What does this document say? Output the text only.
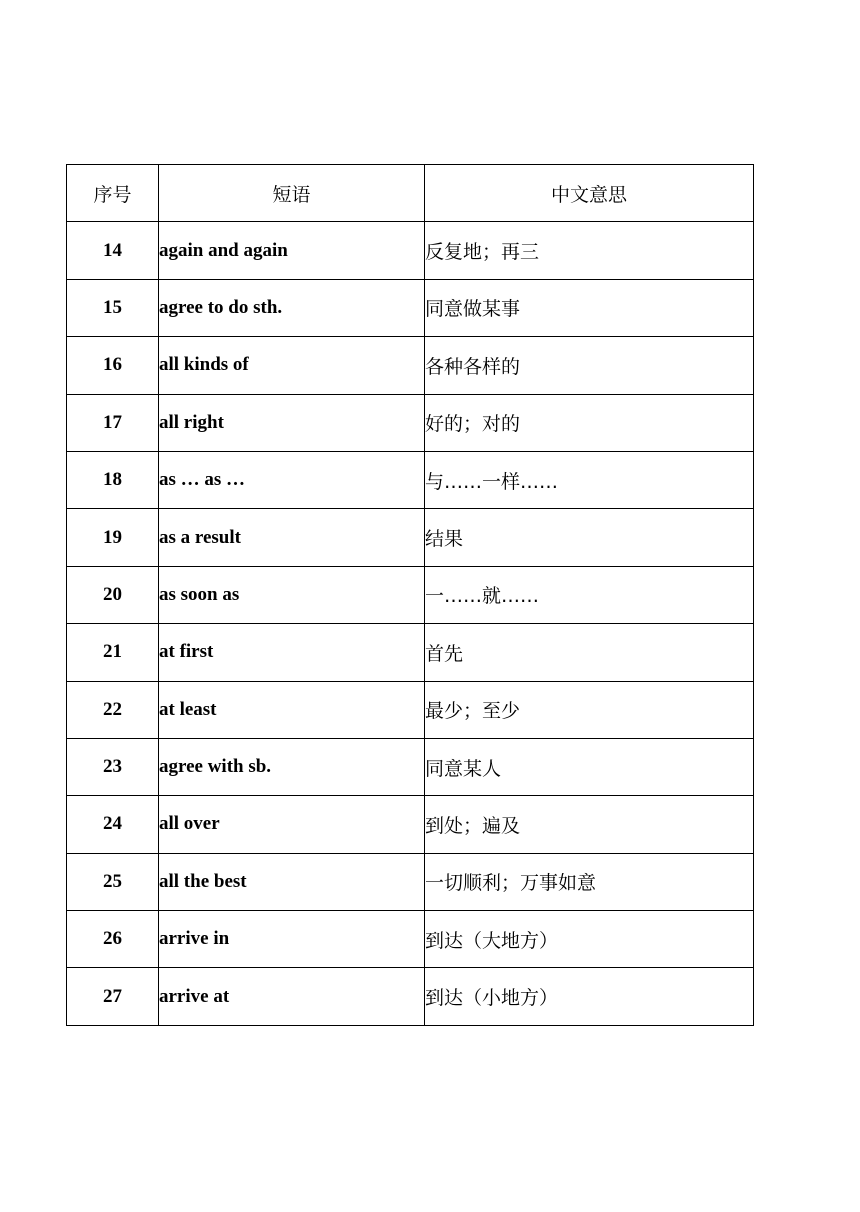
序号	短语	中文意思
14	again and again	反复地；再三
15	agree to do sth.	同意做某事
16	all kinds of	各种各样的
17	all right	好的；对的
18	as … as …	与……一样……
19	as a result	结果
20	as soon as	一……就……
21	at first	首先
22	at least	最少；至少
23	agree with sb.	同意某人
24	all over	到处；遍及
25	all the best	一切顺利；万事如意
26	arrive in	到达（大地方）
27	arrive at	到达（小地方）
